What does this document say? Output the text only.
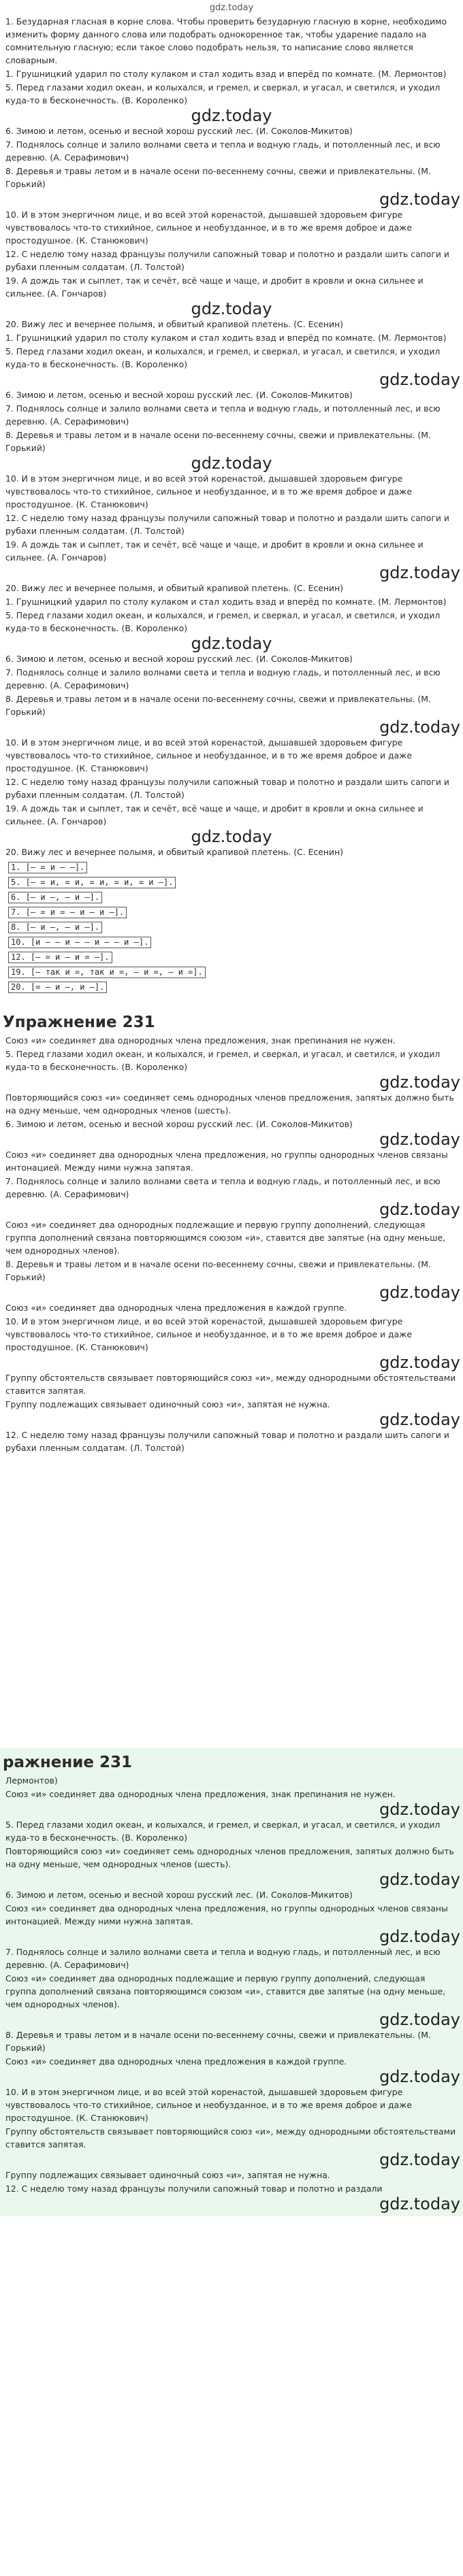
gdz.today

1. Безударная гласная в корне слова. Чтобы проверить безударную гласную в корне, необходимо изменить форму данного слова или подобрать однокоренное так, чтобы ударение падало на сомнительную гласную; если такое слово подобрать нельзя, то написание слово является словарным.

1. Грушницкий ударил по столу кулаком и стал ходить взад и вперёд по комнате. (М. Лермонтов)

5. Перед глазами ходил океан, и колыхался, и гремел, и сверкал, и угасал, и светился, и уходил куда-то в бесконечность. (В. Короленко)

gdz.today

6. Зимою и летом, осенью и весной хорош русский лес. (И. Соколов-Микитов)

7. Поднялось солнце и залило волнами света и тепла и водную гладь, и потолленный лес, и всю деревню. (А. Серафимович)

8. Деревья и травы летом и в начале осени по-весеннему сочны, свежи и привлекательны. (М. Горький)

gdz.today

10. И в этом энергичном лице, и во всей этой коренастой, дышавшей здоровьем фигуре чувствовалось что-то стихийное, сильное и необузданное, и в то же время доброе и даже простодушное. (К. Станюкович)

12. С неделю тому назад французы получили сапожный товар и полотно и раздали шить сапоги и рубахи пленным солдатам. (Л. Толстой)

19. А дождь так и сыплет, так и сечёт, всё чаще и чаще, и дробит в кровли и окна сильнее и сильнее. (А. Гончаров)

gdz.today

20. Вижу лес и вечернее полымя, и обвитый крапивой плетень. (С. Есенин)

1. Грушницкий ударил по столу кулаком и стал ходить взад и вперёд по комнате. (М. Лермонтов)

5. Перед глазами ходил океан, и колыхался, и гремел, и сверкал, и угасал, и светился, и уходил куда-то в бесконечность. (В. Короленко)

gdz.today

6. Зимою и летом, осенью и весной хорош русский лес. (И. Соколов-Микитов)

7. Поднялось солнце и залило волнами света и тепла и водную гладь, и потолленный лес, и всю деревню. (А. Серафимович)

8. Деревья и травы летом и в начале осени по-весеннему сочны, свежи и привлекательны. (М. Горький)

gdz.today

10. И в этом энергичном лице, и во всей этой коренастой, дышавшей здоровьем фигуре чувствовалось что-то стихийное, сильное и необузданное, и в то же время доброе и даже простодушное. (К. Станюкович)

12. С неделю тому назад французы получили сапожный товар и полотно и раздали шить сапоги и рубахи пленным солдатам. (Л. Толстой)

19. А дождь так и сыплет, так и сечёт, всё чаще и чаще, и дробит в кровли и окна сильнее и сильнее. (А. Гончаров)

gdz.today

20. Вижу лес и вечернее полымя, и обвитый крапивой плетень. (С. Есенин)

1. Грушницкий ударил по столу кулаком и стал ходить взад и вперёд по комнате. (М. Лермонтов)

5. Перед глазами ходил океан, и колыхался, и гремел, и сверкал, и угасал, и светился, и уходил куда-то в бесконечность. (В. Короленко)

gdz.today

6. Зимою и летом, осенью и весной хорош русский лес. (И. Соколов-Микитов)

7. Поднялось солнце и залило волнами света и тепла и водную гладь, и потолленный лес, и всю деревню. (А. Серафимович)

8. Деревья и травы летом и в начале осени по-весеннему сочны, свежи и привлекательны. (М. Горький)

gdz.today

10. И в этом энергичном лице, и во всей этой коренастой, дышавшей здоровьем фигуре чувствовалось что-то стихийное, сильное и необузданное, и в то же время доброе и даже простодушное. (К. Станюкович)

12. С неделю тому назад французы получили сапожный товар и полотно и раздали шить сапоги и рубахи пленным солдатам. (Л. Толстой)

19. А дождь так и сыплет, так и сечёт, всё чаще и чаще, и дробит в кровли и окна сильнее и сильнее. (А. Гончаров)

gdz.today

20. Вижу лес и вечернее полымя, и обвитый крапивой плетень. (С. Есенин)

1. [— = и — —].
5. [— = и, = и, = и, = и, = и —].
6. [— и —, — и —].
7. [— = и = — и — и —].
8. [— и —, — и —].
10. [и — — и — — и — — и —].
12. [— = и — и = —].
19. [— так и =, так и =, — и =, — и =].
20. [= — и —, и —].
Упражнение 231

Союз «и» соединяет два однородных члена предложения, знак препинания не нужен.

5. Перед глазами ходил океан, и колыхался, и гремел, и сверкал, и угасал, и светился, и уходил куда-то в бесконечность. (В. Короленко)

gdz.today

Повторяющийся союз «и» соединяет семь однородных членов предложения, запятых должно быть на одну меньше, чем однородных членов (шесть).

6. Зимою и летом, осенью и весной хорош русский лес. (И. Соколов-Микитов)

gdz.today

Союз «и» соединяет два однородных члена предложения, но группы однородных членов связаны интонацией. Между ними нужна запятая.

7. Поднялось солнце и залило волнами света и тепла и водную гладь, и потолленный лес, и всю деревню. (А. Серафимович)

gdz.today

Союз «и» соединяет два однородных подлежащие и первую группу дополнений, следующая группа дополнений связана повторяющимся союзом «и», ставится две запятые (на одну меньше, чем однородных членов).

8. Деревья и травы летом и в начале осени по-весеннему сочны, свежи и привлекательны. (М. Горький)

gdz.today

Союз «и» соединяет два однородных члена предложения в каждой группе.

10. И в этом энергичном лице, и во всей этой коренастой, дышавшей здоровьем фигуре чувствовалось что-то стихийное, сильное и необузданное, и в то же время доброе и даже простодушное. (К. Станюкович)

gdz.today

Группу обстоятельств связывает повторяющийся союз «и», между однородными обстоятельствами ставится запятая.

Группу подлежащих связывает одиночный союз «и», запятая не нужна.

gdz.today

12. С неделю тому назад французы получили сапожный товар и полотно и раздали шить сапоги и рубахи пленным солдатам. (Л. Толстой)

ражнение 231

Лермонтов)

Союз «и» соединяет два однородных члена предложения, знак препинания не нужен.

gdz.today

5. Перед глазами ходил океан, и колыхался, и гремел, и сверкал, и угасал, и светился, и уходил куда-то в бесконечность. (В. Короленко)

Повторяющийся союз «и» соединяет семь однородных членов предложения, запятых должно быть на одну меньше, чем однородных членов (шесть).

gdz.today

6. Зимою и летом, осенью и весной хорош русский лес. (И. Соколов-Микитов)

Союз «и» соединяет два однородных члена предложения, но группы однородных членов связаны интонацией. Между ними нужна запятая.

gdz.today

7. Поднялось солнце и залило волнами света и тепла и водную гладь, и потолленный лес, и всю деревню. (А. Серафимович)

Союз «и» соединяет два однородных подлежащие и первую группу дополнений, следующая группа дополнений связана повторяющимся союзом «и», ставится две запятые (на одну меньше, чем однородных членов).

gdz.today

8. Деревья и травы летом и в начале осени по-весеннему сочны, свежи и привлекательны. (М. Горький)

Союз «и» соединяет два однородных члена предложения в каждой группе.

gdz.today

10. И в этом энергичном лице, и во всей этой коренастой, дышавшей здоровьем фигуре чувствовалось что-то стихийное, сильное и необузданное, и в то же время доброе и даже простодушное. (К. Станюкович)

Группу обстоятельств связывает повторяющийся союз «и», между однородными обстоятельствами ставится запятая.

gdz.today

Группу подлежащих связывает одиночный союз «и», запятая не нужна.

12. С неделю тому назад французы получили сапожный товар и полотно и раздали

gdz.today
